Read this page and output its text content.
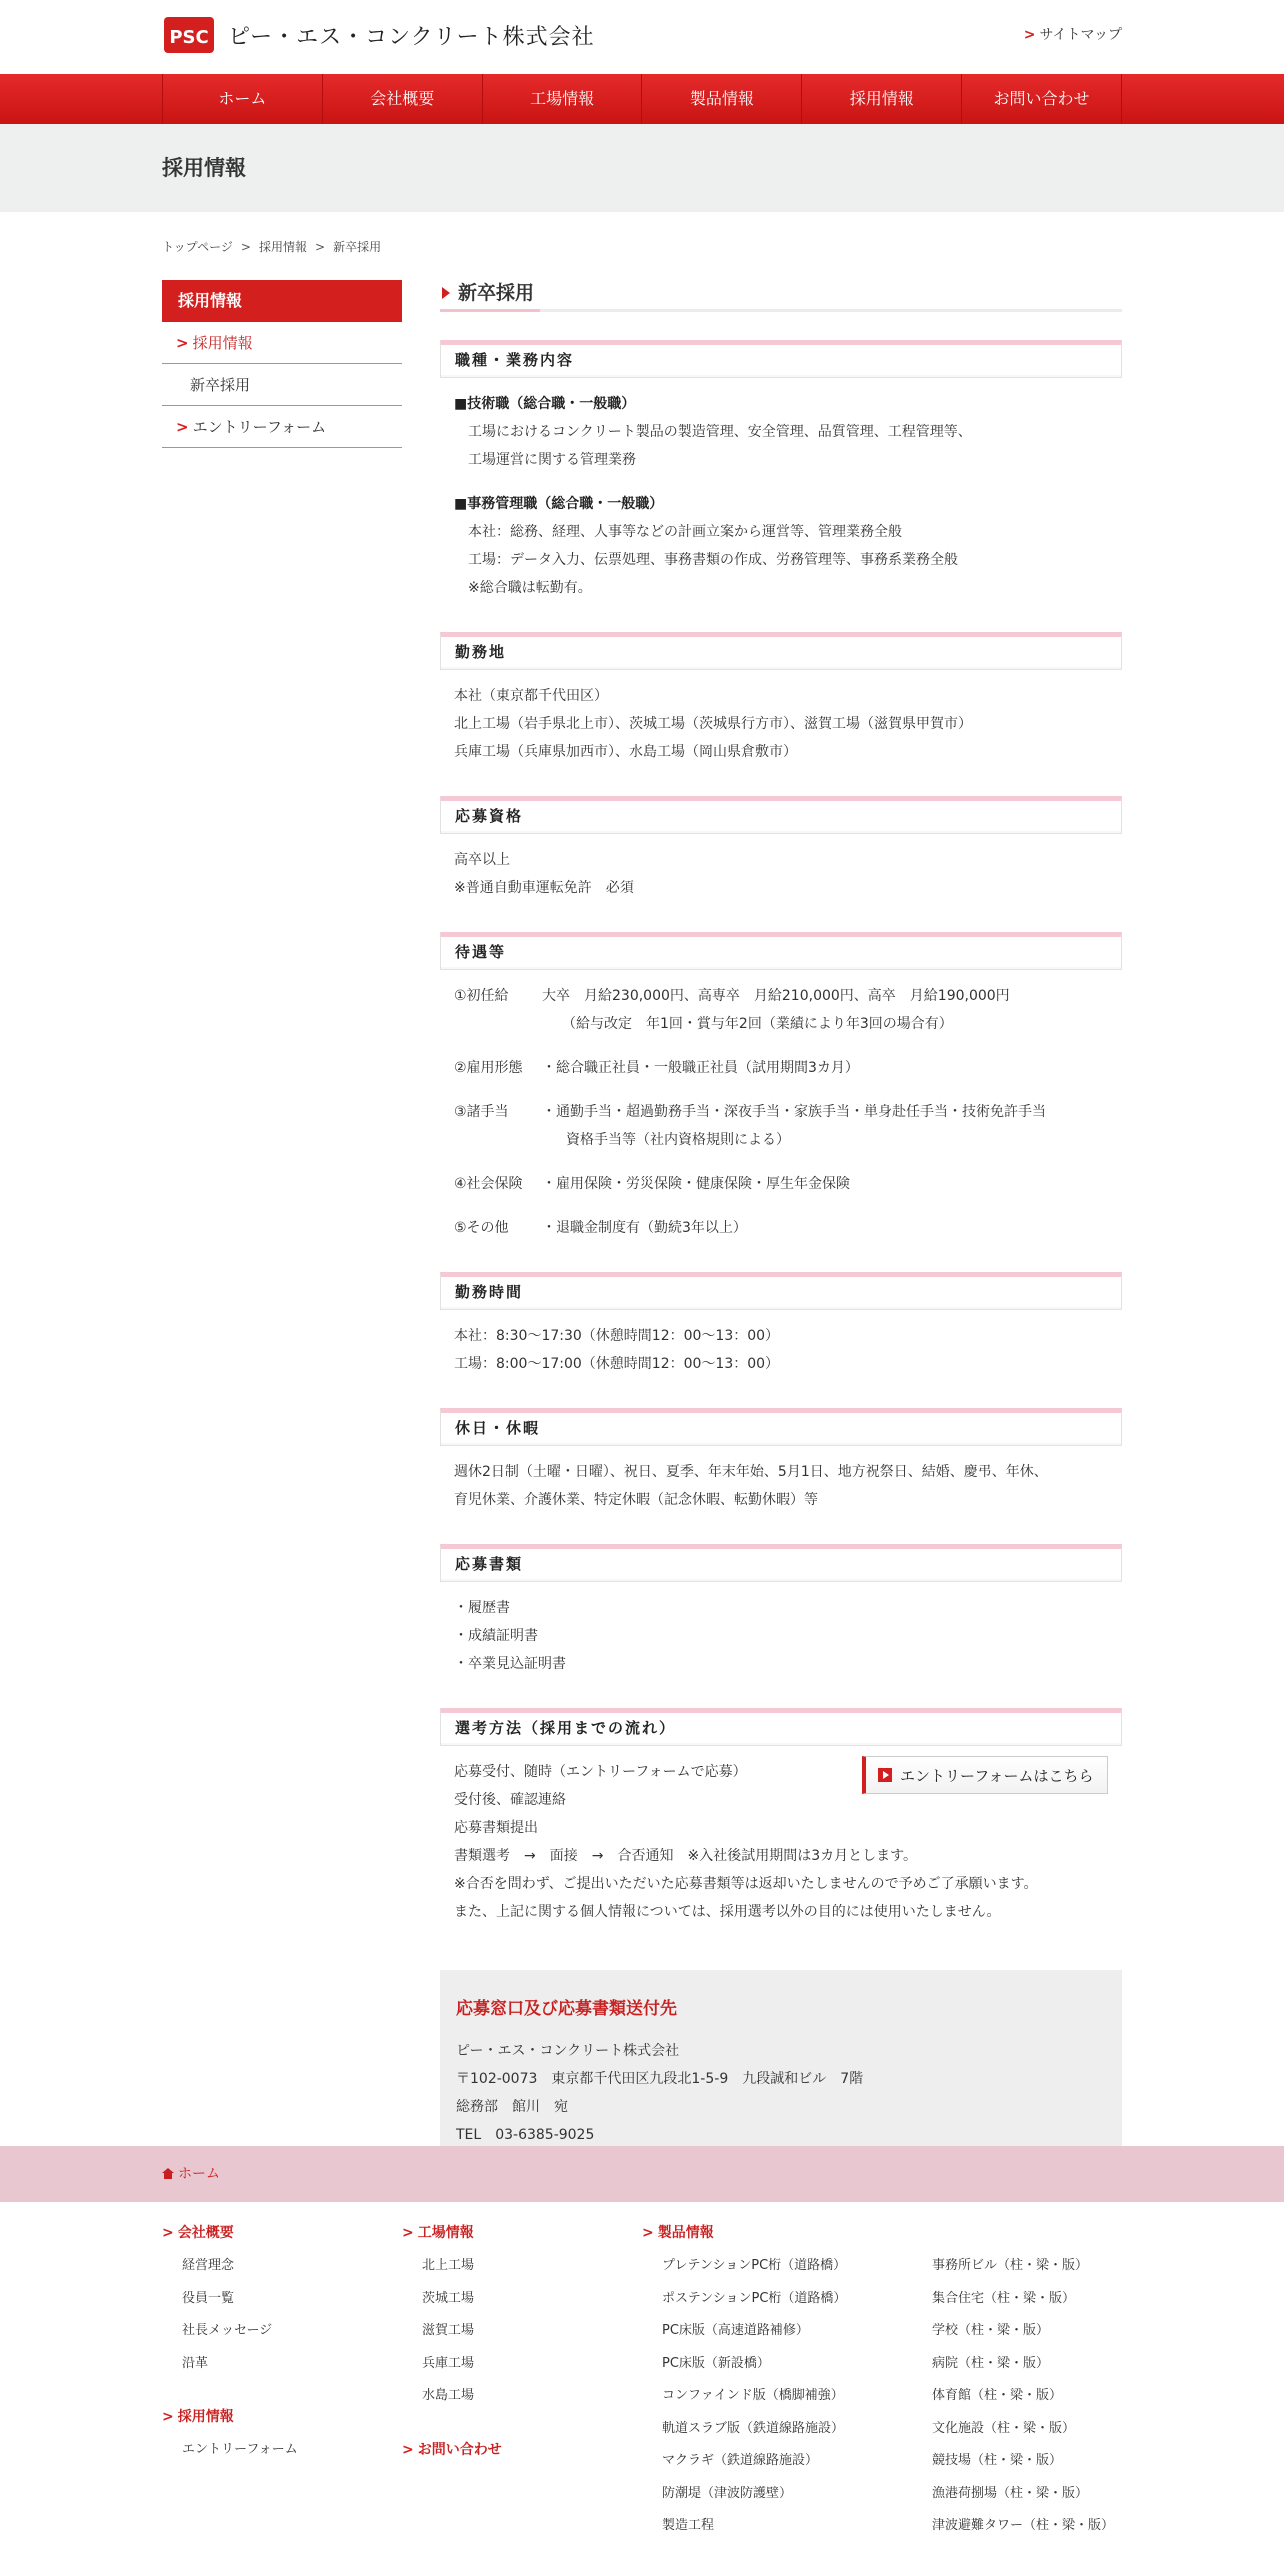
PSC ピー・エス・コンクリート株式会社	> サイトマップ
ホーム	会社概要	工場情報	製品情報	採用情報	お問い合わせ
採用情報
トップページ > 採用情報 > 新卒採用
採用情報
> 採用情報
新卒採用
> エントリーフォーム
新卒採用
職種・業務内容
■技術職（総合職・一般職）
工場におけるコンクリート製品の製造管理、安全管理、品質管理、工程管理等、
工場運営に関する管理業務
■事務管理職（総合職・一般職）
本社：総務、経理、人事等などの計画立案から運営等、管理業務全般
工場：データ入力、伝票処理、事務書類の作成、労務管理等、事務系業務全般
※総合職は転勤有。
勤務地
本社（東京都千代田区）
北上工場（岩手県北上市）、茨城工場（茨城県行方市）、滋賀工場（滋賀県甲賀市）
兵庫工場（兵庫県加西市）、水島工場（岡山県倉敷市）
応募資格
高卒以上
※普通自動車運転免許　必須
待遇等
①初任給	大卒　月給230,000円、高専卒　月給210,000円、高卒　月給190,000円
（給与改定　年1回・賞与年2回（業績により年3回の場合有）
②雇用形態	・総合職正社員・一般職正社員（試用期間3カ月）
③諸手当	・通勤手当・超過勤務手当・深夜手当・家族手当・単身赴任手当・技術免許手当
資格手当等（社内資格規則による）
④社会保険	・雇用保険・労災保険・健康保険・厚生年金保険
⑤その他	・退職金制度有（勤続3年以上）
勤務時間
本社：8:30～17:30（休憩時間12：00～13：00）
工場：8:00～17:00（休憩時間12：00～13：00）
休日・休暇
週休2日制（土曜・日曜）、祝日、夏季、年末年始、5月1日、地方祝祭日、結婚、慶弔、年休、
育児休業、介護休業、特定休暇（記念休暇、転勤休暇）等
応募書類
・履歴書
・成績証明書
・卒業見込証明書
選考方法（採用までの流れ）
応募受付、随時（エントリーフォームで応募）
受付後、確認連絡
応募書類提出
書類選考　→　面接　→　合否通知　※入社後試用期間は3カ月とします。
※合否を問わず、ご提出いただいた応募書類等は返却いたしませんので予めご了承願います。
また、上記に関する個人情報については、採用選考以外の目的には使用いたしません。
エントリーフォームはこちら
応募窓口及び応募書類送付先

ピー・エス・コンクリート株式会社

〒102-0073　東京都千代田区九段北1-5-9　九段誠和ビル　7階

総務部　館川　宛

TEL　03-6385-9025

ホーム
> 会社概要
経営理念
役員一覧
社長メッセージ
沿革
> 採用情報
エントリーフォーム
> 工場情報
北上工場
茨城工場
滋賀工場
兵庫工場
水島工場
> お問い合わせ
> 製品情報
プレテンションPC桁（道路橋）
ポステンションPC桁（道路橋）
PC床版（高速道路補修）
PC床版（新設橋）
コンファインド版（橋脚補強）
軌道スラブ版（鉄道線路施設）
マクラギ（鉄道線路施設）
防潮堤（津波防護壁）
製造工程
事務所ビル（柱・梁・版）
集合住宅（柱・梁・版）
学校（柱・梁・版）
病院（柱・梁・版）
体育館（柱・梁・版）
文化施設（柱・梁・版）
競技場（柱・梁・版）
漁港荷捌場（柱・梁・版）
津波避難タワー（柱・梁・版）
